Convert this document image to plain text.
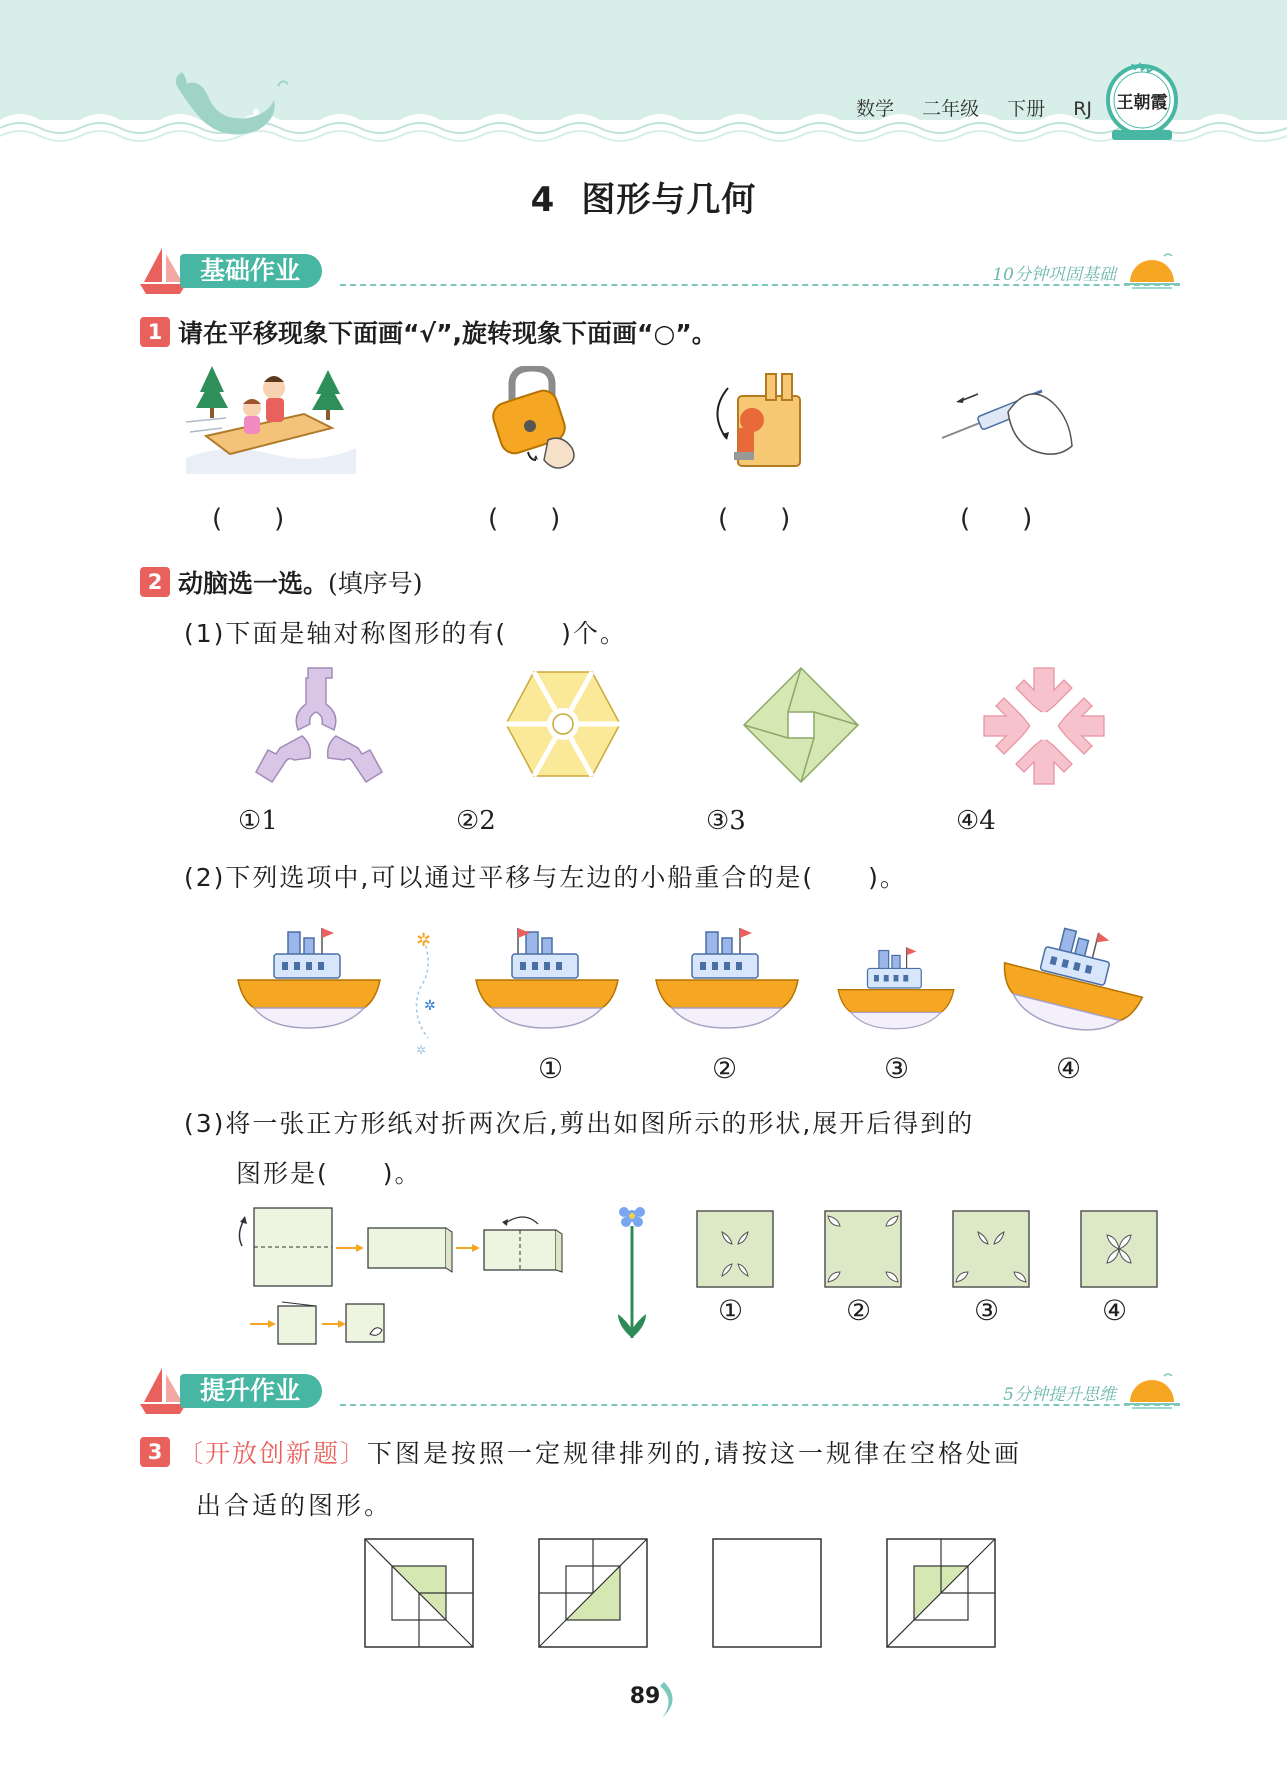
数学 二年级 下册 RJ	王朝霞
4 图形与几何
基础作业	10分钟巩固基础
1 请在平移现象下面画“√”,旋转现象下面画“○”。
(　　)	(　　)	(　　)	(　　)
2 动脑选一选。(填序号)
(1)下面是轴对称图形的有(　　)个。
①1	②2	③3	④4
(2)下列选项中,可以通过平移与左边的小船重合的是(　　)。
✲
✲
✲
①	②	③	④
(3)将一张正方形纸对折两次后,剪出如图所示的形状,展开后得到的
图形是(　　)。
①	②	③	④
提升作业	5分钟提升思维
3 〔开放创新题〕下图是按照一定规律排列的,请按这一规律在空格处画
出合适的图形。
89
